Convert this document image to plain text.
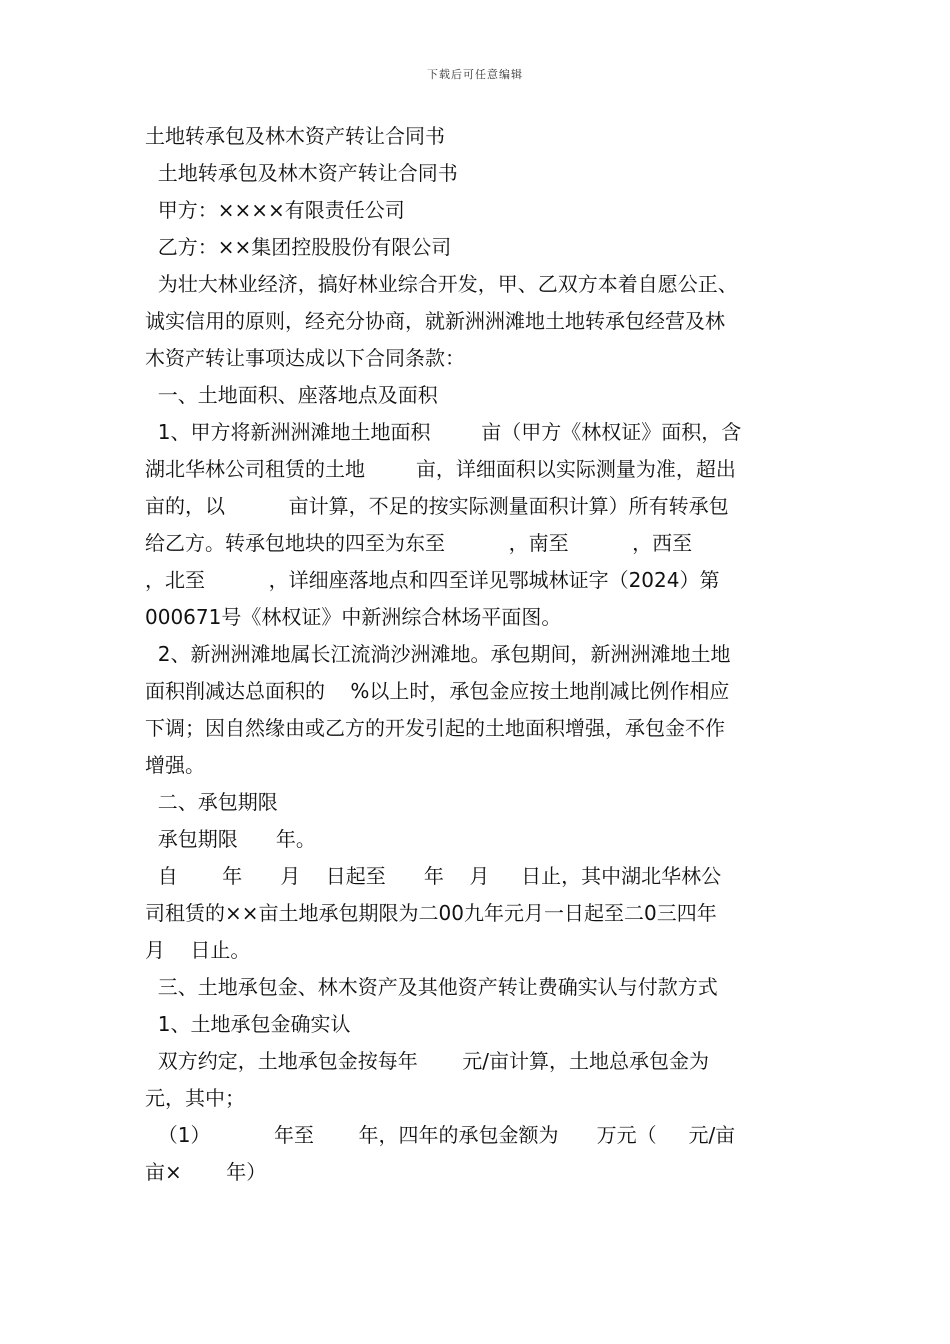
下载后可任意编辑
土地转承包及林木资产转让合同书
土地转承包及林木资产转让合同书
甲方：××××有限责任公司
乙方：××集团控股股份有限公司
为壮大林业经济，搞好林业综合开发，甲、乙双方本着自愿公正、
诚实信用的原则，经充分协商，就新洲洲滩地土地转承包经营及林
木资产转让事项达成以下合同条款：
一、土地面积、座落地点及面积
1、甲方将新洲洲滩地土地面积        亩（甲方《林权证》面积，含
湖北华林公司租赁的土地        亩，详细面积以实际测量为准，超出
亩的，以          亩计算，不足的按实际测量面积计算）所有转承包
给乙方。转承包地块的四至为东至          ，南至          ，西至
，北至          ，详细座落地点和四至详见鄂城林证字（2024）第
000671号《林权证》中新洲综合林场平面图。
2、新洲洲滩地属长江流淌沙洲滩地。承包期间，新洲洲滩地土地
面积削减达总面积的    %以上时，承包金应按土地削减比例作相应
下调；因自然缘由或乙方的开发引起的土地面积增强，承包金不作
增强。
二、承包期限
承包期限      年。
自       年      月    日起至      年    月     日止，其中湖北华林公
司租赁的××亩土地承包期限为二00九年元月一日起至二0三四年
月    日止。
三、土地承包金、林木资产及其他资产转让费确实认与付款方式
1、土地承包金确实认
双方约定，土地承包金按每年       元/亩计算，土地总承包金为
元，其中；
（1）          年至       年，四年的承包金额为      万元（     元/亩
亩×       年）
